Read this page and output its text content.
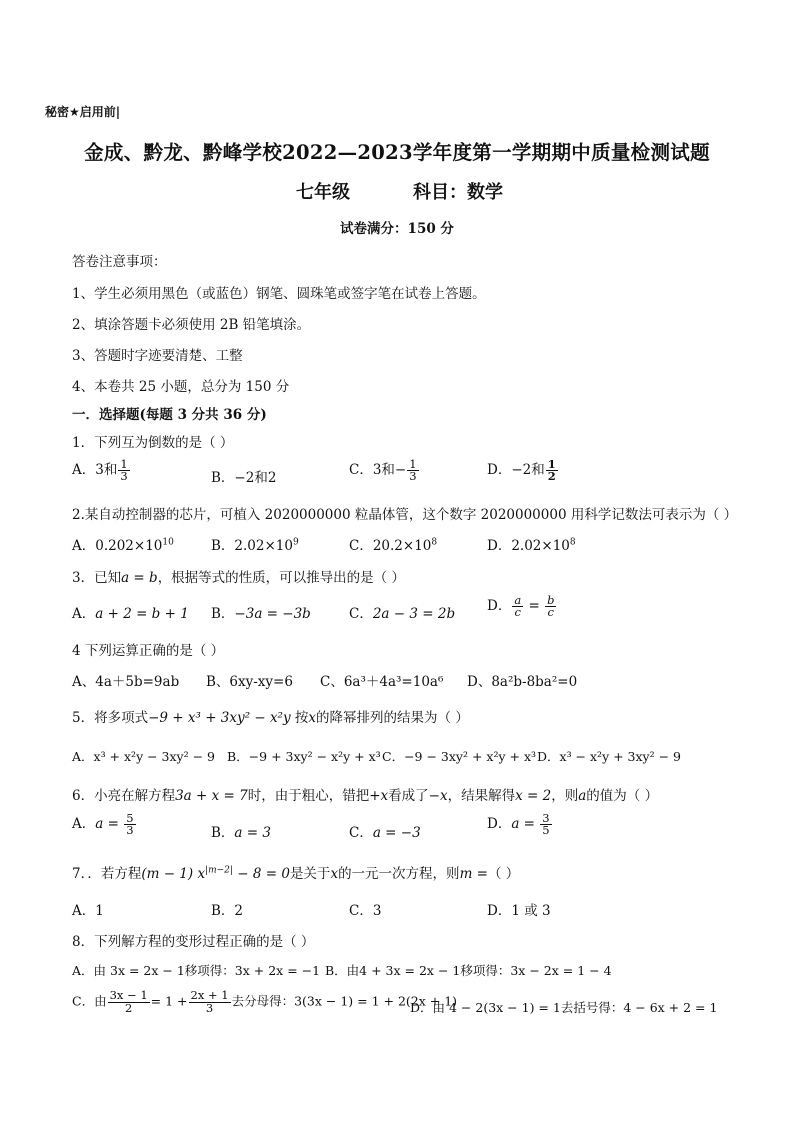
秘密★启用前|
金成、黔龙、黔峰学校2022—2023学年度第一学期期中质量检测试题
七年级	科目：数学
试卷满分：150 分
答卷注意事项：
1、学生必须用黑色（或蓝色）钢笔、圆珠笔或签字笔在试卷上答题。
2、填涂答题卡必须使用 2B 铅笔填涂。
3、答题时字迹要清楚、工整
4、本卷共 25 小题，总分为 150 分
一．选择题(每题 3 分共 36 分)
1．下列互为倒数的是（ ）
A．3和 $\frac{1}{3}$	B．−2和2	C．3和− $\frac{1}{3}$	D．−2和 $\frac{1}{2}$
2.某自动控制器的芯片，可植入 2020000000 粒晶体管，这个数字 2020000000 用科学记数法可表示为（ ）
A．$0.202\times 10^{10}$	B．$2.02\times 10^9$	C．$20.2\times 10^8$	D．$2.02\times 10^8$
3．已知a = b，根据等式的性质，可以推导出的是（ ）
A．a + 2 = b + 1 B．−3a = −3b	C．2a − 3 = 2b D． $\frac{a}{c} = \frac{b}{c}$
4 下列运算正确的是（ ）
A、4a＋5b=9ab B、6xy-xy=6 C、6a³＋4a³=10a⁶ D、8a²b-8ba²=0
5．将多项式−9 + x³ + 3xy² − x²y 按x的降幂排列的结果为（ ）
A．x³ + x²y − 3xy² − 9 B．−9 + 3xy² − x²y + x³ C．−9 − 3xy² + x²y + x³ D．x³ − x²y + 3xy² − 9
6．小亮在解方程3a + x = 7时，由于粗心，错把+x看成了−x，结果解得x = 2，则a的值为（ ）
A．$a = \frac{5}{3}$	B．a = 3	C．a = −3
D．$a = \frac{3}{5}$
7．．若方程(m − 1) $x^{|m-2|} - 8 = 0$是关于x的一元一次方程，则m =（ ）
A．1	B．2	C．3	D．1 或 3
8．下列解方程的变形过程正确的是（ ）
A．由 3x = 2x − 1移项得：3x + 2x = −1 B．由4 + 3x = 2x − 1移项得：3x − 2x = 1 − 4
C．由 $\frac{3x - 1}{2} = 1 + \frac{2x + 1}{3}$ 去分母得：3(3x − 1) = 1 + 2(2x + 1)
D．由 4 − 2(3x − 1) = 1去括号得：4 − 6x + 2 = 1
